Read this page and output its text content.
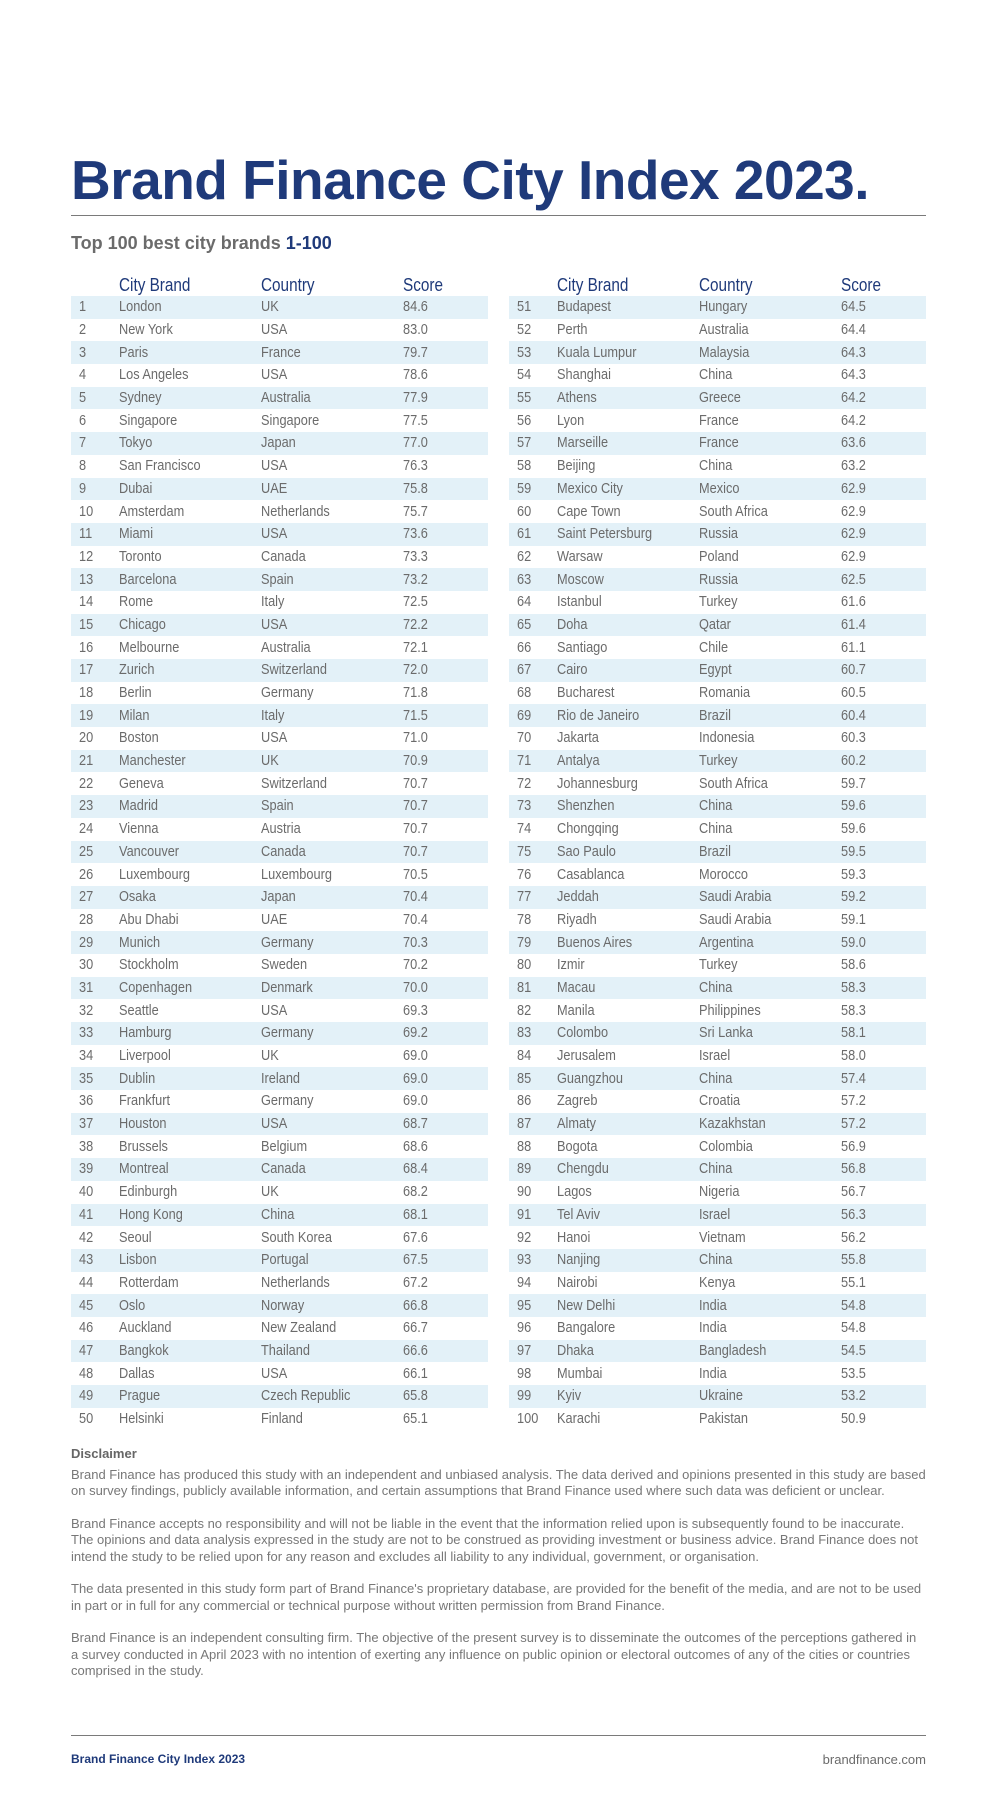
Brand Finance City Index 2023.
Top 100 best city brands 1-100
City Brand	Country	Score
1	London	UK	84.6
2	New York	USA	83.0
3	Paris	France	79.7
4	Los Angeles	USA	78.6
5	Sydney	Australia	77.9
6	Singapore	Singapore	77.5
7	Tokyo	Japan	77.0
8	San Francisco	USA	76.3
9	Dubai	UAE	75.8
10	Amsterdam	Netherlands	75.7
11	Miami	USA	73.6
12	Toronto	Canada	73.3
13	Barcelona	Spain	73.2
14	Rome	Italy	72.5
15	Chicago	USA	72.2
16	Melbourne	Australia	72.1
17	Zurich	Switzerland	72.0
18	Berlin	Germany	71.8
19	Milan	Italy	71.5
20	Boston	USA	71.0
21	Manchester	UK	70.9
22	Geneva	Switzerland	70.7
23	Madrid	Spain	70.7
24	Vienna	Austria	70.7
25	Vancouver	Canada	70.7
26	Luxembourg	Luxembourg	70.5
27	Osaka	Japan	70.4
28	Abu Dhabi	UAE	70.4
29	Munich	Germany	70.3
30	Stockholm	Sweden	70.2
31	Copenhagen	Denmark	70.0
32	Seattle	USA	69.3
33	Hamburg	Germany	69.2
34	Liverpool	UK	69.0
35	Dublin	Ireland	69.0
36	Frankfurt	Germany	69.0
37	Houston	USA	68.7
38	Brussels	Belgium	68.6
39	Montreal	Canada	68.4
40	Edinburgh	UK	68.2
41	Hong Kong	China	68.1
42	Seoul	South Korea	67.6
43	Lisbon	Portugal	67.5
44	Rotterdam	Netherlands	67.2
45	Oslo	Norway	66.8
46	Auckland	New Zealand	66.7
47	Bangkok	Thailand	66.6
48	Dallas	USA	66.1
49	Prague	Czech Republic	65.8
50	Helsinki	Finland	65.1
City Brand	Country	Score
51	Budapest	Hungary	64.5
52	Perth	Australia	64.4
53	Kuala Lumpur	Malaysia	64.3
54	Shanghai	China	64.3
55	Athens	Greece	64.2
56	Lyon	France	64.2
57	Marseille	France	63.6
58	Beijing	China	63.2
59	Mexico City	Mexico	62.9
60	Cape Town	South Africa	62.9
61	Saint Petersburg	Russia	62.9
62	Warsaw	Poland	62.9
63	Moscow	Russia	62.5
64	Istanbul	Turkey	61.6
65	Doha	Qatar	61.4
66	Santiago	Chile	61.1
67	Cairo	Egypt	60.7
68	Bucharest	Romania	60.5
69	Rio de Janeiro	Brazil	60.4
70	Jakarta	Indonesia	60.3
71	Antalya	Turkey	60.2
72	Johannesburg	South Africa	59.7
73	Shenzhen	China	59.6
74	Chongqing	China	59.6
75	Sao Paulo	Brazil	59.5
76	Casablanca	Morocco	59.3
77	Jeddah	Saudi Arabia	59.2
78	Riyadh	Saudi Arabia	59.1
79	Buenos Aires	Argentina	59.0
80	Izmir	Turkey	58.6
81	Macau	China	58.3
82	Manila	Philippines	58.3
83	Colombo	Sri Lanka	58.1
84	Jerusalem	Israel	58.0
85	Guangzhou	China	57.4
86	Zagreb	Croatia	57.2
87	Almaty	Kazakhstan	57.2
88	Bogota	Colombia	56.9
89	Chengdu	China	56.8
90	Lagos	Nigeria	56.7
91	Tel Aviv	Israel	56.3
92	Hanoi	Vietnam	56.2
93	Nanjing	China	55.8
94	Nairobi	Kenya	55.1
95	New Delhi	India	54.8
96	Bangalore	India	54.8
97	Dhaka	Bangladesh	54.5
98	Mumbai	India	53.5
99	Kyiv	Ukraine	53.2
100	Karachi	Pakistan	50.9
Disclaimer

Brand Finance has produced this study with an independent and unbiased analysis. The data derived and opinions presented in this study are based on survey findings, publicly available information, and certain assumptions that Brand Finance used where such data was deficient or unclear.

Brand Finance accepts no responsibility and will not be liable in the event that the information relied upon is subsequently found to be inaccurate. The opinions and data analysis expressed in the study are not to be construed as providing investment or business advice. Brand Finance does not intend the study to be relied upon for any reason and excludes all liability to any individual, government, or organisation.

The data presented in this study form part of Brand Finance's proprietary database, are provided for the benefit of the media, and are not to be used in part or in full for any commercial or technical purpose without written permission from Brand Finance.

Brand Finance is an independent consulting firm. The objective of the present survey is to disseminate the outcomes of the perceptions gathered in a survey conducted in April 2023 with no intention of exerting any influence on public opinion or electoral outcomes of any of the cities or countries comprised in the study.

Brand Finance City Index 2023	brandfinance.com
